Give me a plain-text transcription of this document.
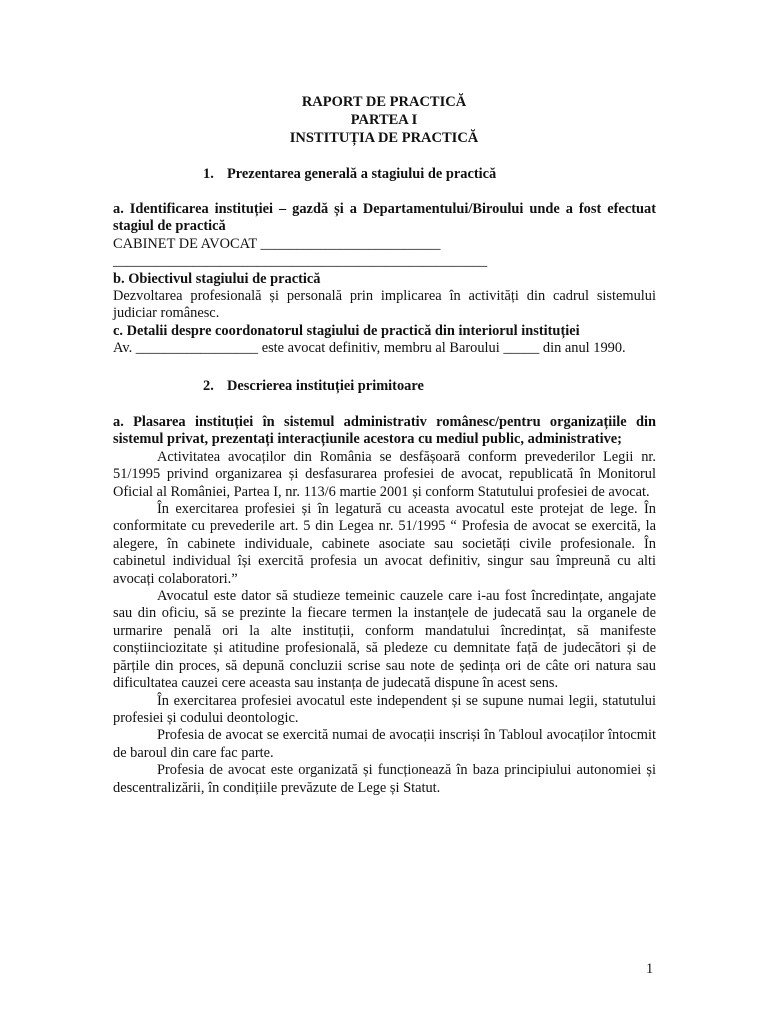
RAPORT DE PRACTICĂ
PARTEA I
INSTITUȚIA DE PRACTICĂ
1. Prezentarea generală a stagiului de practică
a. Identificarea instituției – gazdă și a Departamentului/Biroului unde a fost efectuat stagiul de practică
CABINET DE AVOCAT _________________________
____________________________________________________
b. Obiectivul stagiului de practică
Dezvoltarea profesională și personală prin implicarea în activități din cadrul sistemului judiciar românesc.
c. Detalii despre coordonatorul stagiului de practică din interiorul instituției
Av. _________________ este avocat definitiv, membru al Baroului _____ din anul 1990.
2. Descrierea instituției primitoare
a. Plasarea instituției în sistemul administrativ românesc/pentru organizațiile din sistemul privat, prezentați interacțiunile acestora cu mediul public, administrative;
Activitatea avocaților din România se desfășoară conform prevederilor Legii nr. 51/1995 privind organizarea și desfasurarea profesiei de avocat, republicată în Monitorul Oficial al României, Partea I, nr. 113/6 martie 2001 și conform Statutului profesiei de avocat.
În exercitarea profesiei și în legatură cu aceasta avocatul este protejat de lege. În conformitate cu prevederile art. 5 din Legea nr. 51/1995 “ Profesia de avocat se exercită, la alegere, în cabinete individuale, cabinete asociate sau societăți civile profesionale. În cabinetul individual își exercită profesia un avocat definitiv, singur sau împreună cu alti avocați colaboratori.”
Avocatul este dator să studieze temeinic cauzele care i-au fost încredințate, angajate sau din oficiu, să se prezinte la fiecare termen la instanțele de judecată sau la organele de urmarire penală ori la alte instituții, conform mandatului încredințat, să manifeste conștiinciozitate și atitudine profesională, să pledeze cu demnitate față de judecători și de părțile din proces, să depună concluzii scrise sau note de ședința ori de câte ori natura sau dificultatea cauzei cere aceasta sau instanța de judecată dispune în acest sens.
În exercitarea profesiei avocatul este independent și se supune numai legii, statutului profesiei și codului deontologic.
Profesia de avocat se exercită numai de avocații inscriși în Tabloul avocaților întocmit de baroul din care fac parte.
Profesia de avocat este organizată și funcționează în baza principiului autonomiei și descentralizării, în condițiile prevăzute de Lege și Statut.
1
